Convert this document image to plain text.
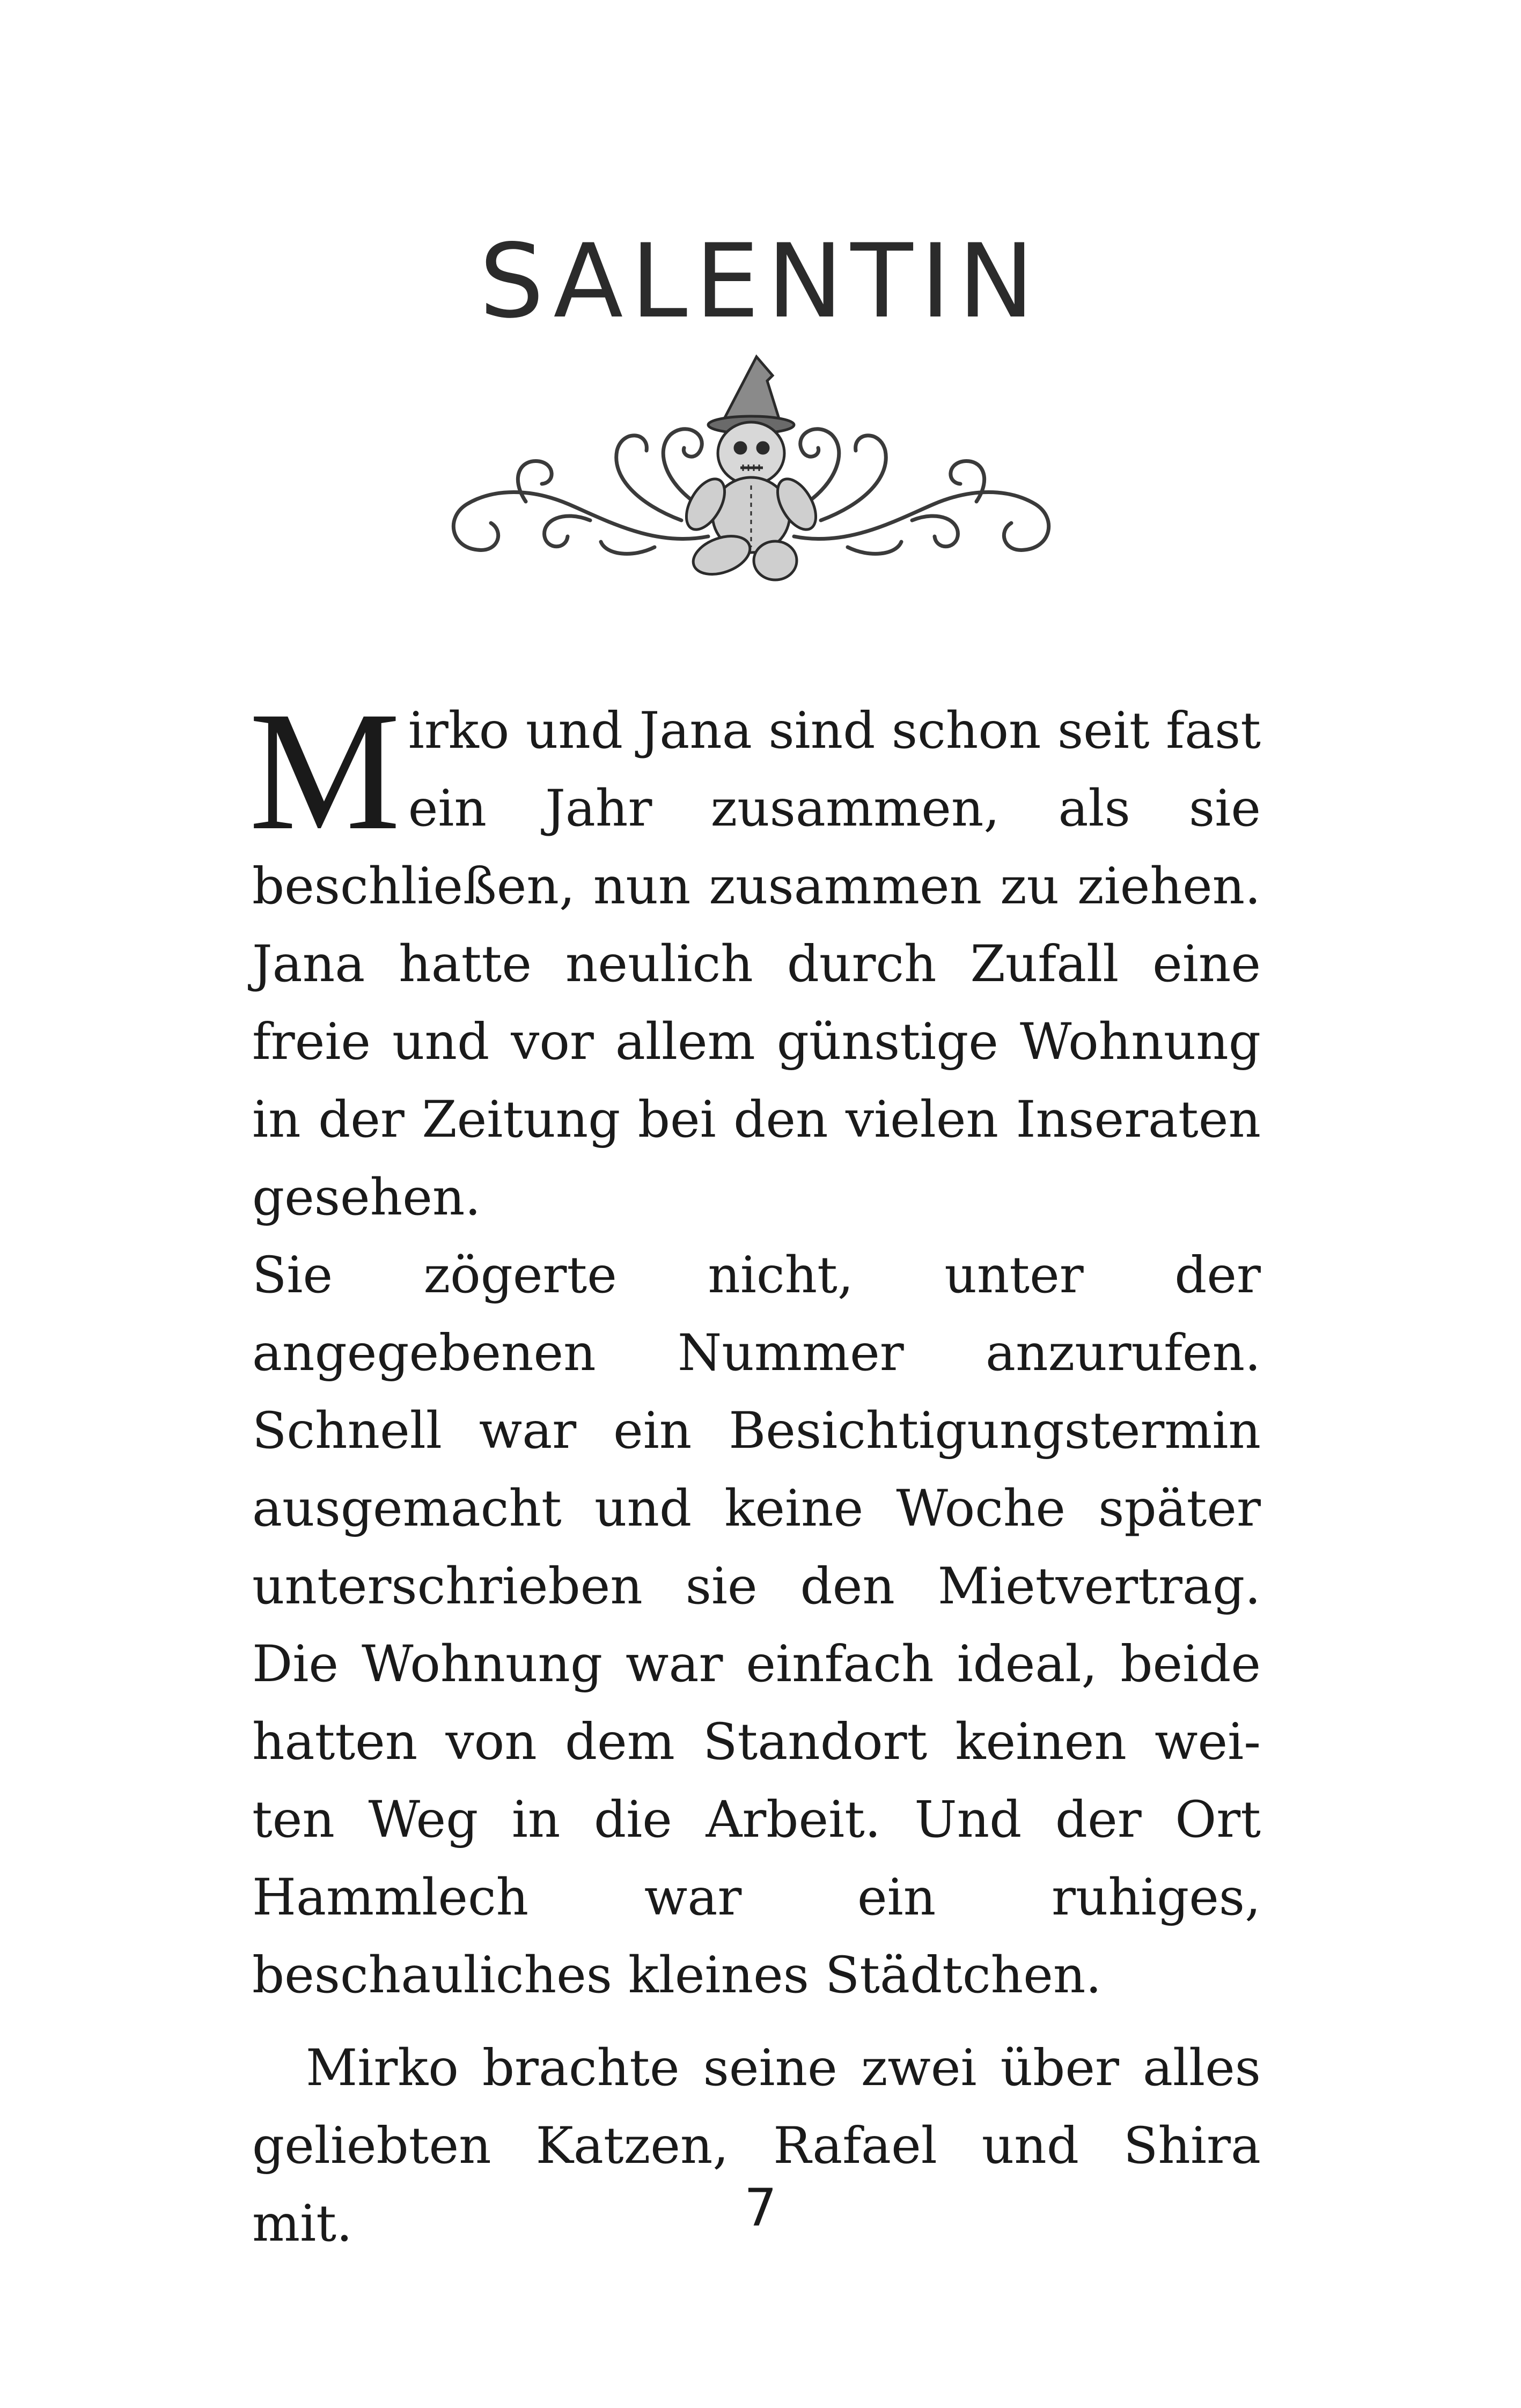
SALENTIN

Mirko und Jana sind schon seit fast ein Jahr zusammen, als sie beschließen, nun zusammen zu ziehen. Jana hatte neulich durch Zufall eine freie und vor allem günstige Wohnung in der Zeitung bei den vielen Inseraten gesehen.

Sie zögerte nicht, unter der angegebenen Nummer anzurufen. Schnell war ein Besichtigungstermin ausgemacht und keine Woche später unterschrieben sie den Mietvertrag. Die Wohnung war einfach ideal, beide hatten von dem Standort keinen weiten Weg in die Arbeit. Und der Ort Hammlech war ein ruhiges, beschauliches kleines Städtchen.

Mirko brachte seine zwei über alles geliebten Katzen, Rafael und Shira mit.	7
